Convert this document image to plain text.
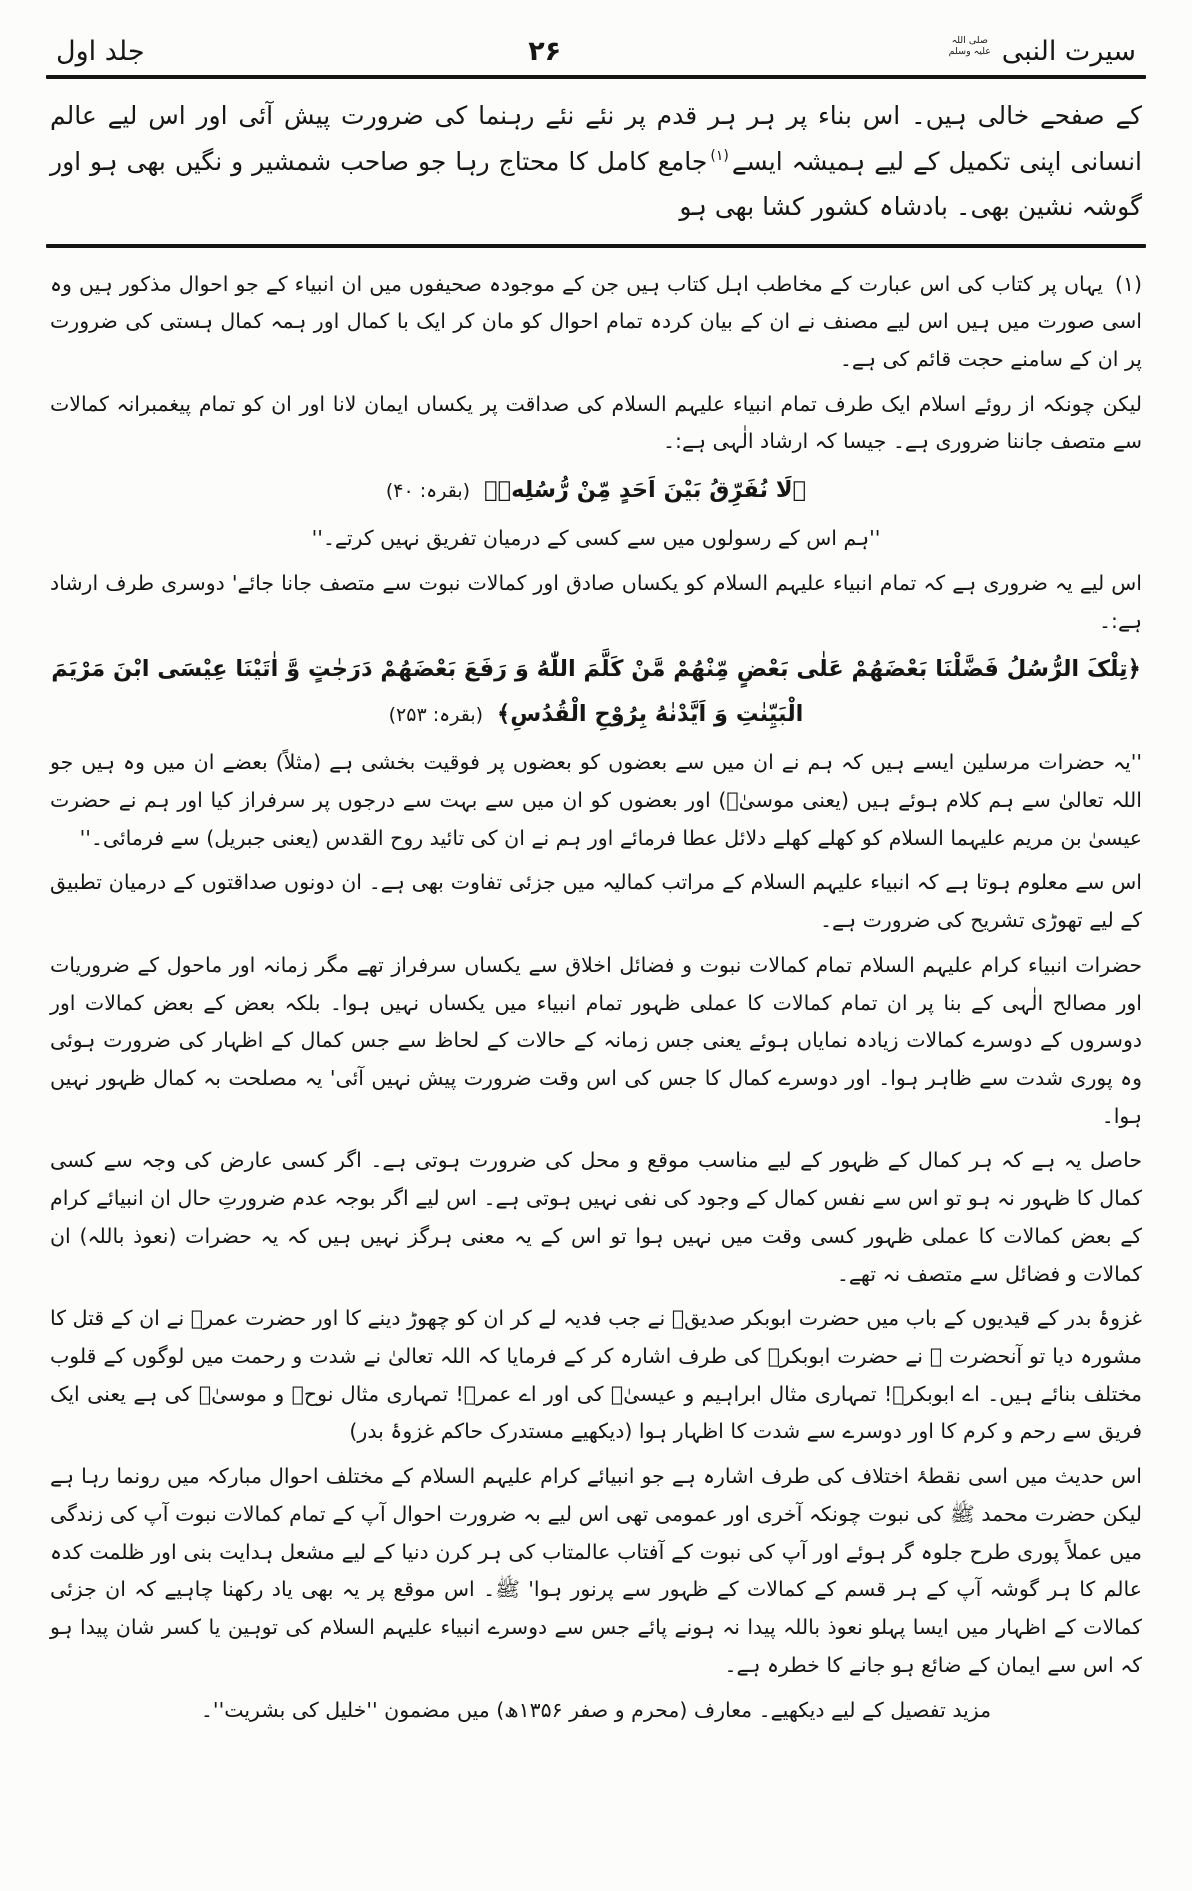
سیرت النبیصلی اللہ علیہ وسلم
۲۶
جلد اول

کے صفحے خالی ہیں۔ اس بناء پر ہر ہر قدم پر نئے نئے رہنما کی ضرورت پیش آئی اور اس لیے عالم انسانی اپنی تکمیل کے لیے ہمیشہ ایسے$^{(۱)}$جامع کامل کا محتاج رہا جو صاحب شمشیر و نگیں بھی ہو اور گوشہ نشین بھی۔ بادشاہ کشور کشا بھی ہو

(۱)یہاں پر کتاب کی اس عبارت کے مخاطب اہل کتاب ہیں جن کے موجودہ صحیفوں میں ان انبیاء کے جو احوال مذکور ہیں وہ اسی صورت میں ہیں اس لیے مصنف نے ان کے بیان کردہ تمام احوال کو مان کر ایک با کمال اور ہمہ کمال ہستی کی ضرورت پر ان کے سامنے حجت قائم کی ہے۔

لیکن چونکہ از روئے اسلام ایک طرف تمام انبیاء علیہم السلام کی صداقت پر یکساں ایمان لانا اور ان کو تمام پیغمبرانہ کمالات سے متصف جاننا ضروری ہے۔ جیسا کہ ارشاد الٰہی ہے:۔

﴿لَا نُفَرِّقُ بَیْنَ اَحَدٍ مِّنْ رُّسُلِهٖ﴾(بقرہ: ۴۰)

''ہم اس کے رسولوں میں سے کسی کے درمیان تفریق نہیں کرتے۔''

اس لیے یہ ضروری ہے کہ تمام انبیاء علیہم السلام کو یکساں صادق اور کمالات نبوت سے متصف جانا جائے' دوسری طرف ارشاد ہے:۔

﴿تِلْکَ الرُّسُلُ فَضَّلْنَا بَعْضَهُمْ عَلٰی بَعْضٍ مِّنْهُمْ مَّنْ کَلَّمَ اللّٰهُ وَ رَفَعَ بَعْضَهُمْ دَرَجٰتٍ وَّ اٰتَیْنَا عِیْسَی ابْنَ مَرْیَمَ الْبَیِّنٰتِ وَ اَیَّدْنٰهُ بِرُوْحِ الْقُدُسِ﴾(بقرہ: ۲۵۳)

''یہ حضرات مرسلین ایسے ہیں کہ ہم نے ان میں سے بعضوں کو بعضوں پر فوقیت بخشی ہے (مثلاً) بعضے ان میں وہ ہیں جو اللہ تعالیٰ سے ہم کلام ہوئے ہیں (یعنی موسیٰؑ) اور بعضوں کو ان میں سے بہت سے درجوں پر سرفراز کیا اور ہم نے حضرت عیسیٰ بن مریم علیہما السلام کو کھلے کھلے دلائل عطا فرمائے اور ہم نے ان کی تائید روح القدس (یعنی جبریل) سے فرمائی۔''

اس سے معلوم ہوتا ہے کہ انبیاء علیہم السلام کے مراتب کمالیہ میں جزئی تفاوت بھی ہے۔ ان دونوں صداقتوں کے درمیان تطبیق کے لیے تھوڑی تشریح کی ضرورت ہے۔

حضرات انبیاء کرام علیہم السلام تمام کمالات نبوت و فضائل اخلاق سے یکساں سرفراز تھے مگر زمانہ اور ماحول کے ضروریات اور مصالح الٰہی کے بنا پر ان تمام کمالات کا عملی ظہور تمام انبیاء میں یکساں نہیں ہوا۔ بلکہ بعض کے بعض کمالات اور دوسروں کے دوسرے کمالات زیادہ نمایاں ہوئے یعنی جس زمانہ کے حالات کے لحاظ سے جس کمال کے اظہار کی ضرورت ہوئی وہ پوری شدت سے ظاہر ہوا۔ اور دوسرے کمال کا جس کی اس وقت ضرورت پیش نہیں آئی' یہ مصلحت بہ کمال ظہور نہیں ہوا۔

حاصل یہ ہے کہ ہر کمال کے ظہور کے لیے مناسب موقع و محل کی ضرورت ہوتی ہے۔ اگر کسی عارض کی وجہ سے کسی کمال کا ظہور نہ ہو تو اس سے نفس کمال کے وجود کی نفی نہیں ہوتی ہے۔ اس لیے اگر بوجہ عدم ضرورتِ حال ان انبیائے کرام کے بعض کمالات کا عملی ظہور کسی وقت میں نہیں ہوا تو اس کے یہ معنی ہرگز نہیں ہیں کہ یہ حضرات (نعوذ باللہ) ان کمالات و فضائل سے متصف نہ تھے۔

غزوۂ بدر کے قیدیوں کے باب میں حضرت ابوبکر صدیقؓ نے جب فدیہ لے کر ان کو چھوڑ دینے کا اور حضرت عمرؓ نے ان کے قتل کا مشورہ دیا تو آنحضرت ﷺ نے حضرت ابوبکرؓ کی طرف اشارہ کر کے فرمایا کہ اللہ تعالیٰ نے شدت و رحمت میں لوگوں کے قلوب مختلف بنائے ہیں۔ اے ابوبکرؓ! تمہاری مثال ابراہیم و عیسیٰؑ کی اور اے عمرؓ! تمہاری مثال نوحؑ و موسیٰؑ کی ہے یعنی ایک فریق سے رحم و کرم کا اور دوسرے سے شدت کا اظہار ہوا (دیکھیے مستدرک حاکم غزوۂ بدر)

اس حدیث میں اسی نقطۂ اختلاف کی طرف اشارہ ہے جو انبیائے کرام علیہم السلام کے مختلف احوال مبارکہ میں رونما رہا ہے لیکن حضرت محمد ﷺ کی نبوت چونکہ آخری اور عمومی تھی اس لیے بہ ضرورت احوال آپ کے تمام کمالات نبوت آپ کی زندگی میں عملاً پوری طرح جلوہ گر ہوئے اور آپ کی نبوت کے آفتاب عالمتاب کی ہر کرن دنیا کے لیے مشعل ہدایت بنی اور ظلمت کدہ عالم کا ہر گوشہ آپ کے ہر قسم کے کمالات کے ظہور سے پرنور ہوا' ﷺ۔ اس موقع پر یہ بھی یاد رکھنا چاہیے کہ ان جزئی کمالات کے اظہار میں ایسا پہلو نعوذ باللہ پیدا نہ ہونے پائے جس سے دوسرے انبیاء علیہم السلام کی توہین یا کسر شان پیدا ہو کہ اس سے ایمان کے ضائع ہو جانے کا خطرہ ہے۔

مزید تفصیل کے لیے دیکھیے۔ معارف (محرم و صفر ۱۳۵۶ھ) میں مضمون ''خلیل کی بشریت''۔
